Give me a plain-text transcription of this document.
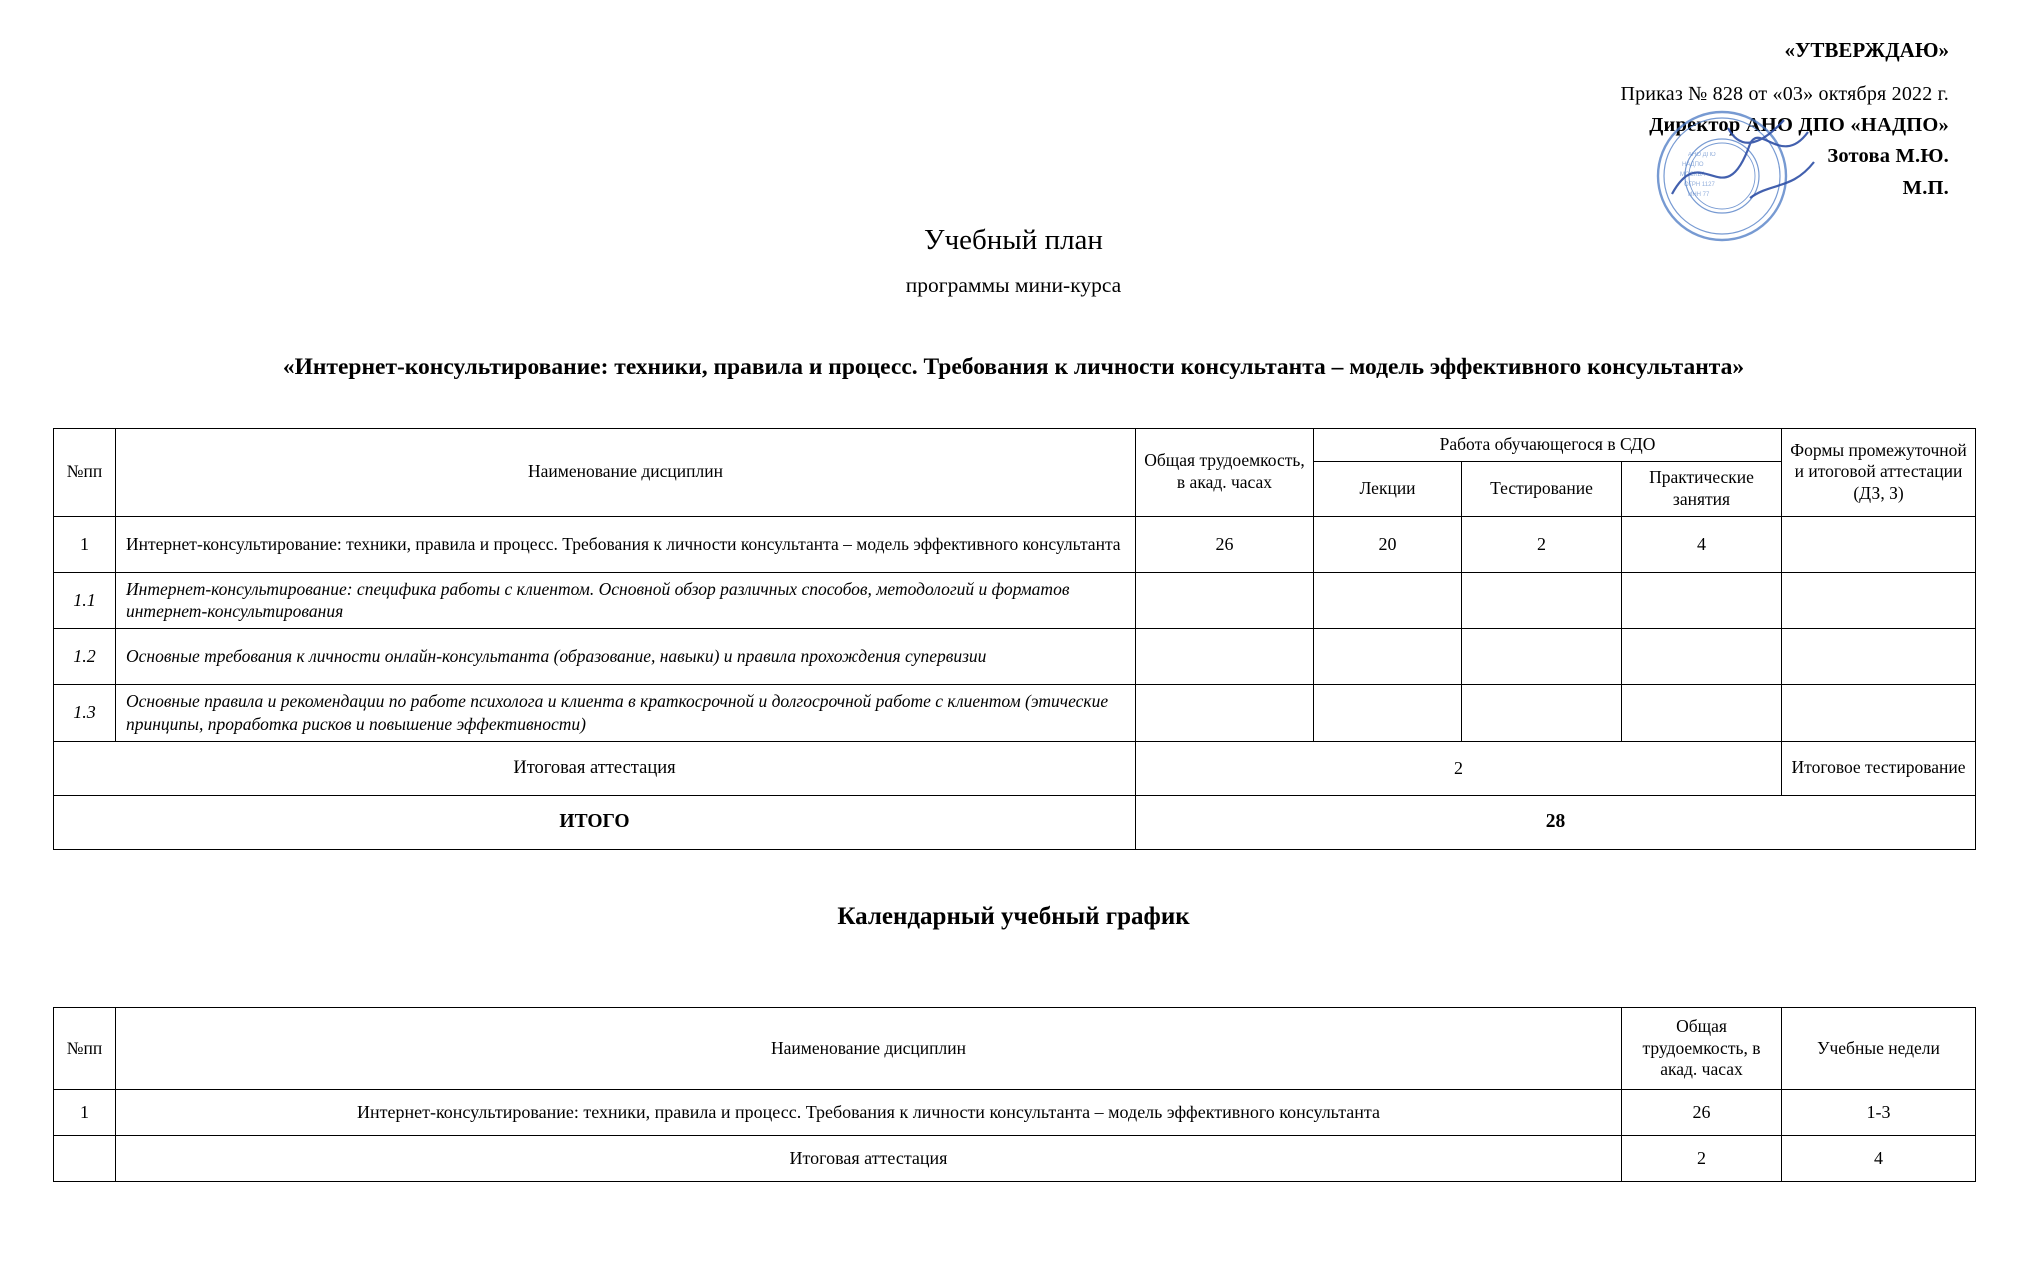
«УТВЕРЖДАЮ»
Приказ № 828 от «03» октября 2022 г.
Директор АНО ДПО «НАДПО»
Зотова М.Ю.
М.П.
АНО ДПО
НАДПО
МОСКВА
ОГРН 1127
ИНН 77
Учебный план
программы мини-курса
«Интернет-консультирование: техники, правила и процесс. Требования к личности консультанта – модель эффективного консультанта»
№пп	Наименование дисциплин	Общая трудоемкость, в акад. часах	Работа обучающегося в СДО			Формы промежуточной и итоговой аттестации (ДЗ, З)
			Лекции	Тестирование	Практические занятия	
1	Интернет-консультирование: техники, правила и процесс. Требования к личности консультанта – модель эффективного консультанта	26	20	2	4	
1.1	Интернет-консультирование: специфика работы с клиентом. Основной обзор различных способов, методологий и форматов интернет-консультирования					
1.2	Основные требования к личности онлайн-консультанта (образование, навыки) и правила прохождения супервизии					
1.3	Основные правила и рекомендации по работе психолога и клиента в краткосрочной и долгосрочной работе с клиентом (этические принципы, проработка рисков и повышение эффективности)					
Итоговая аттестация		2				Итоговое тестирование
ИТОГО		28				
Календарный учебный график
№пп	Наименование дисциплин	Общая трудоемкость, в акад. часах	Учебные недели
1	Интернет-консультирование: техники, правила и процесс. Требования к личности консультанта – модель эффективного консультанта	26	1-3
	Итоговая аттестация	2	4
